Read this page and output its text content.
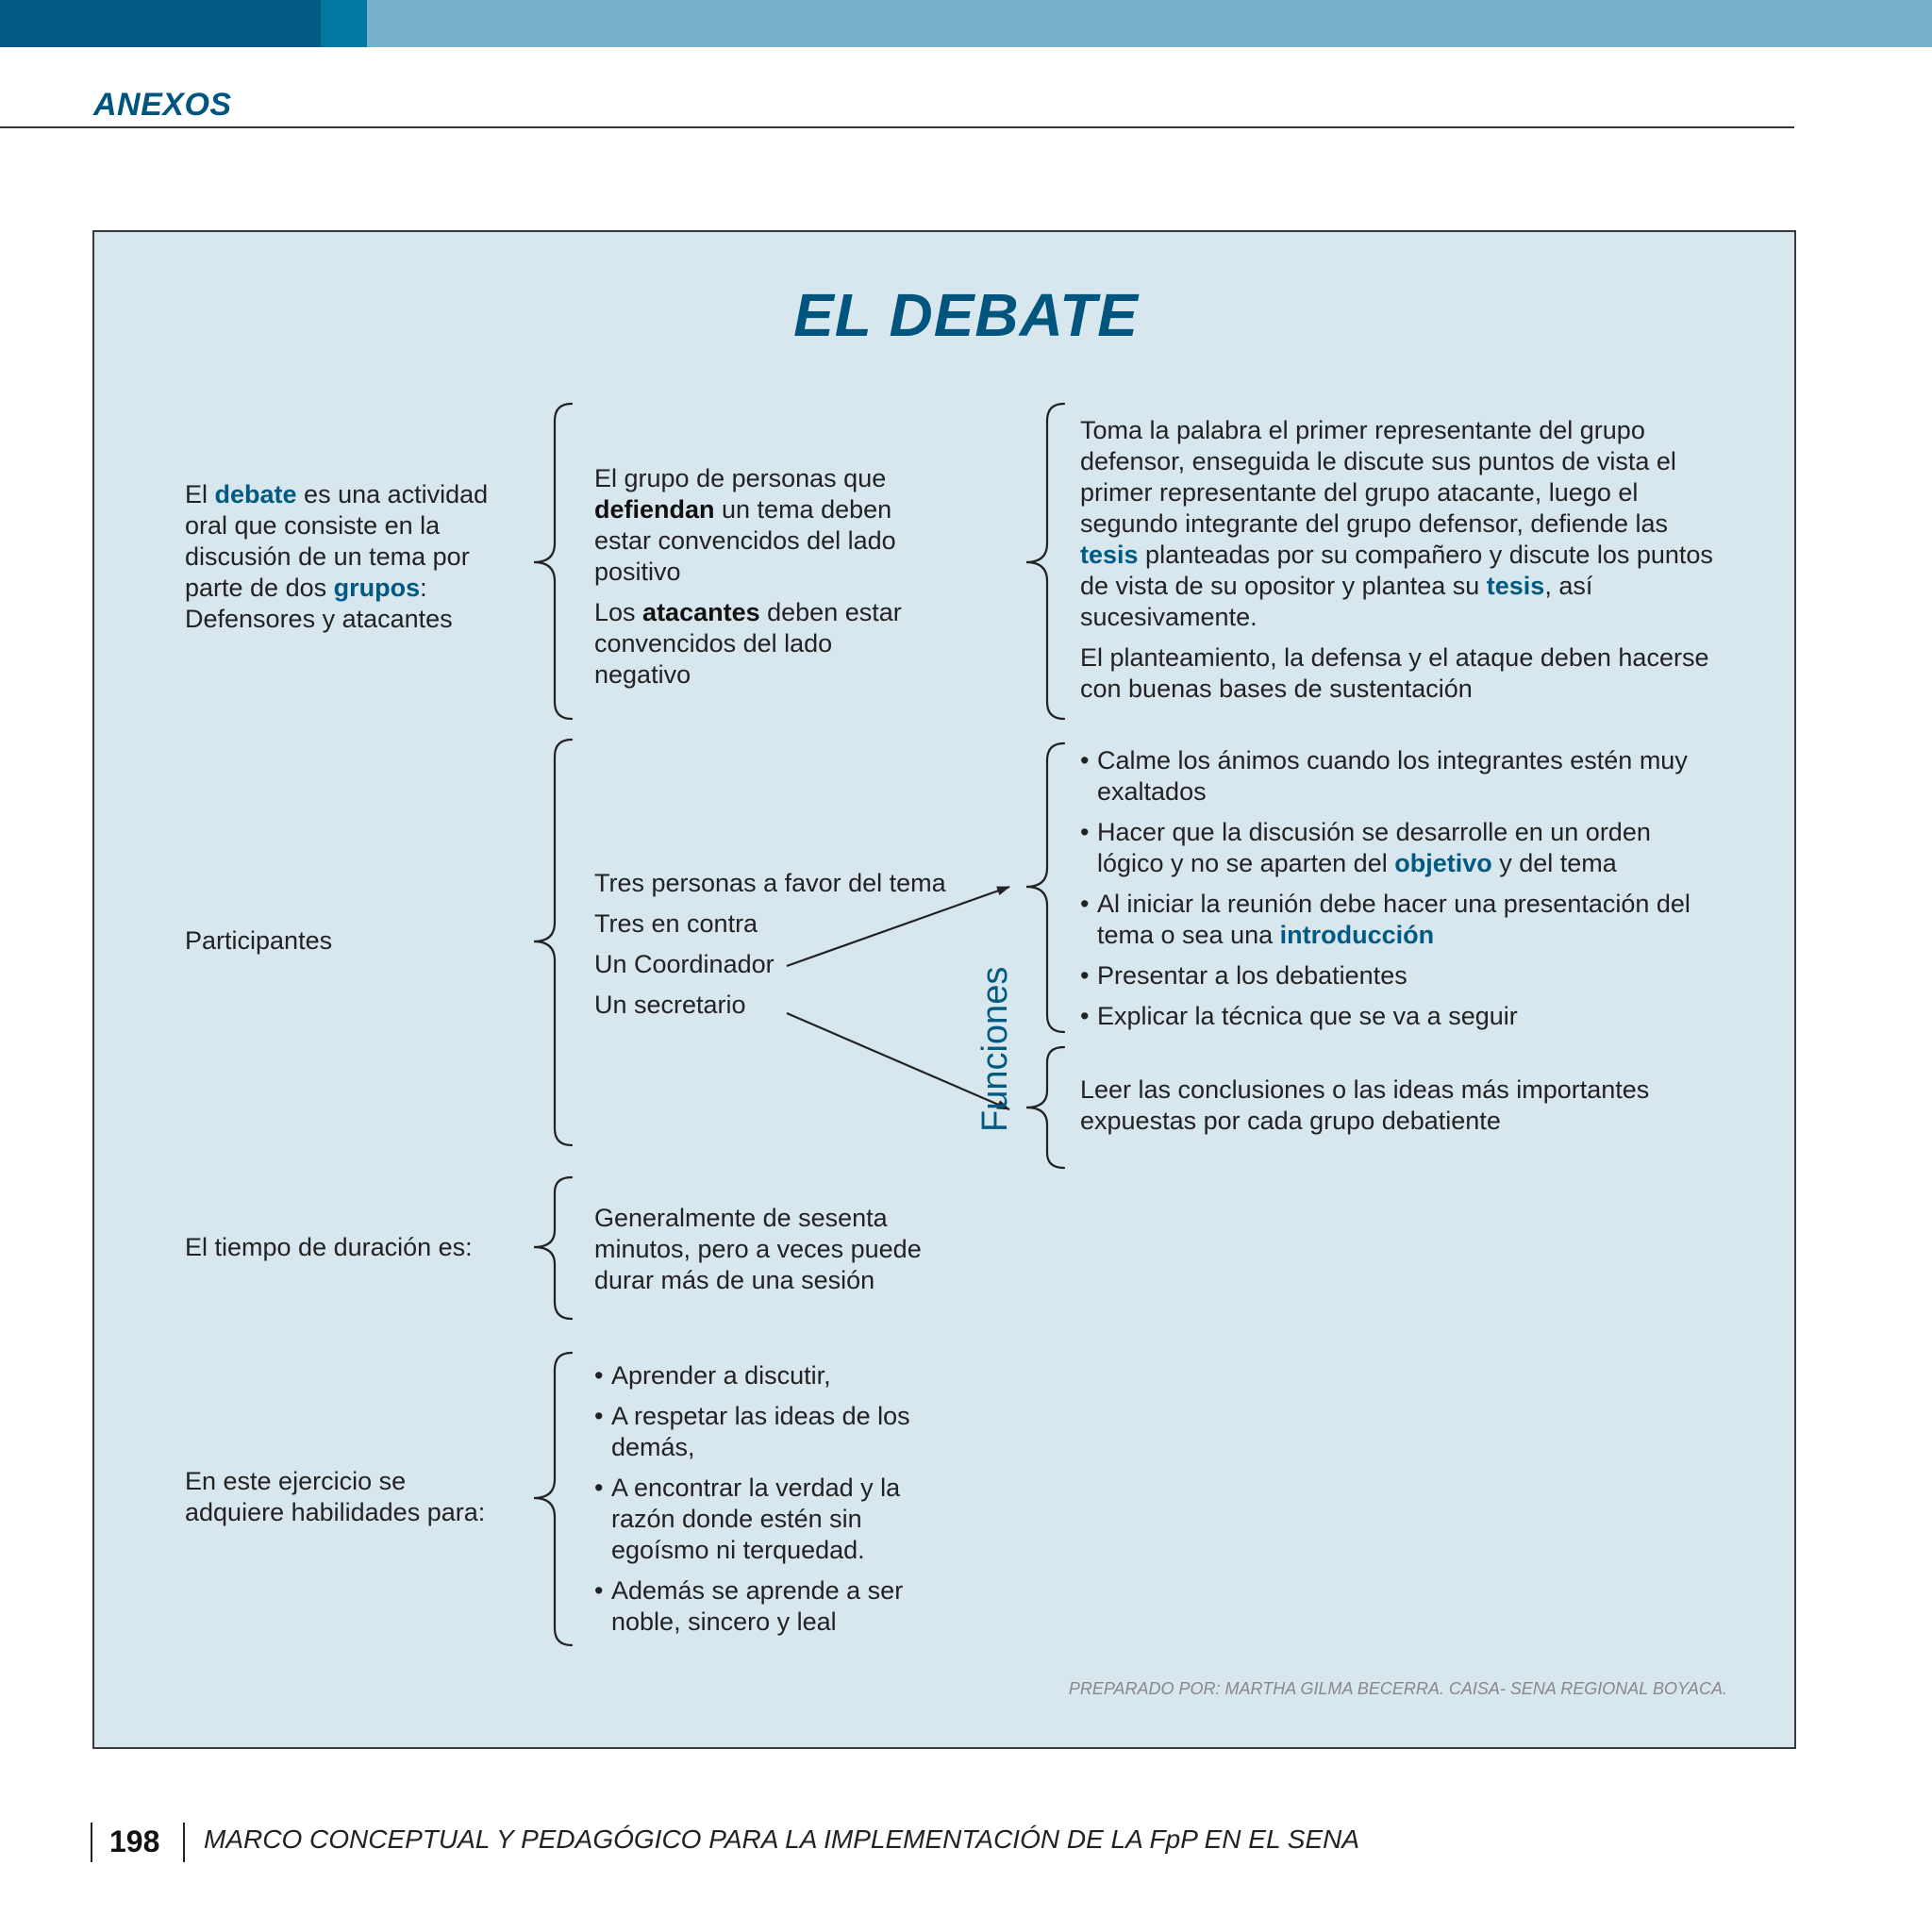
ANEXOS
EL DEBATE
El debate es una actividad oral que consiste en la discusión de un tema por parte de dos grupos: Defensores y atacantes

El grupo de personas que defiendan un tema deben estar convencidos del lado positivo

Los atacantes deben estar convencidos del lado negativo

Toma la palabra el primer representante del grupo defensor, enseguida le discute sus puntos de vista el primer representante del grupo atacante, luego el segundo integrante del grupo defensor, defiende las tesis planteadas por su compañero y discute los puntos de vista de su opositor y plantea su tesis, así sucesivamente.

El planteamiento, la defensa y el ataque deben hacerse con buenas bases de sustentación

Participantes
Tres personas a favor del tema
Tres en contra
Un Coordinador
Un secretario	Funciones
• Calme los ánimos cuando los integrantes estén muy exaltados
• Hacer que la discusión se desarrolle en un orden lógico y no se aparten del objetivo y del tema
• Al iniciar la reunión debe hacer una presentación del tema o sea una introducción
• Presentar a los debatientes
• Explicar la técnica que se va a seguir
Leer las conclusiones o las ideas más importantes expuestas por cada grupo debatiente
El tiempo de duración es:
Generalmente de sesenta minutos, pero a veces puede durar más de una sesión
En este ejercicio se adquiere habilidades para:
• Aprender a discutir,
• A respetar las ideas de los demás,
• A encontrar la verdad y la razón donde estén sin egoísmo ni terquedad.
• Además se aprende a ser noble, sincero y leal
PREPARADO POR: MARTHA GILMA BECERRA. CAISA- SENA REGIONAL BOYACA.
198 MARCO CONCEPTUAL Y PEDAGÓGICO PARA LA IMPLEMENTACIÓN DE LA FpP EN EL SENA
